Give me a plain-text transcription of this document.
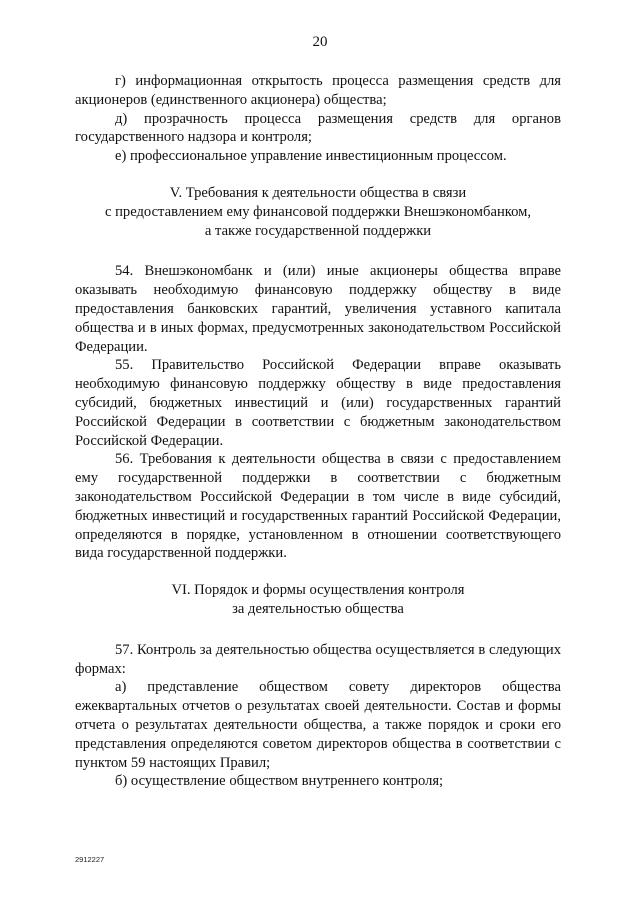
20

г) информационная открытость процесса размещения средств для акционеров (единственного акционера) общества;

д) прозрачность процесса размещения средств для органов государственного надзора и контроля;

е) профессиональное управление инвестиционным процессом.

V. Требования к деятельности общества в связи

с предоставлением ему финансовой поддержки Внешэкономбанком,

а также государственной поддержки

54. Внешэкономбанк и (или) иные акционеры общества вправе оказывать необходимую финансовую поддержку обществу в виде предоставления банковских гарантий, увеличения уставного капитала общества и в иных формах, предусмотренных законодательством Российской Федерации.

55. Правительство Российской Федерации вправе оказывать необходимую финансовую поддержку обществу в виде предоставления субсидий, бюджетных инвестиций и (или) государственных гарантий Российской Федерации в соответствии с бюджетным законодательством Российской Федерации.

56. Требования к деятельности общества в связи с предоставлением ему государственной поддержки в соответствии с бюджетным законодательством Российской Федерации в том числе в виде субсидий, бюджетных инвестиций и государственных гарантий Российской Федерации, определяются в порядке, установленном в отношении соответствующего вида государственной поддержки.

VI. Порядок и формы осуществления контроля

за деятельностью общества

57. Контроль за деятельностью общества осуществляется в следующих формах:

а) представление обществом совету директоров общества ежеквартальных отчетов о результатах своей деятельности. Состав и формы отчета о результатах деятельности общества, а также порядок и сроки его представления определяются советом директоров общества в соответствии с пунктом 59 настоящих Правил;

б) осуществление обществом внутреннего контроля;

2912227
